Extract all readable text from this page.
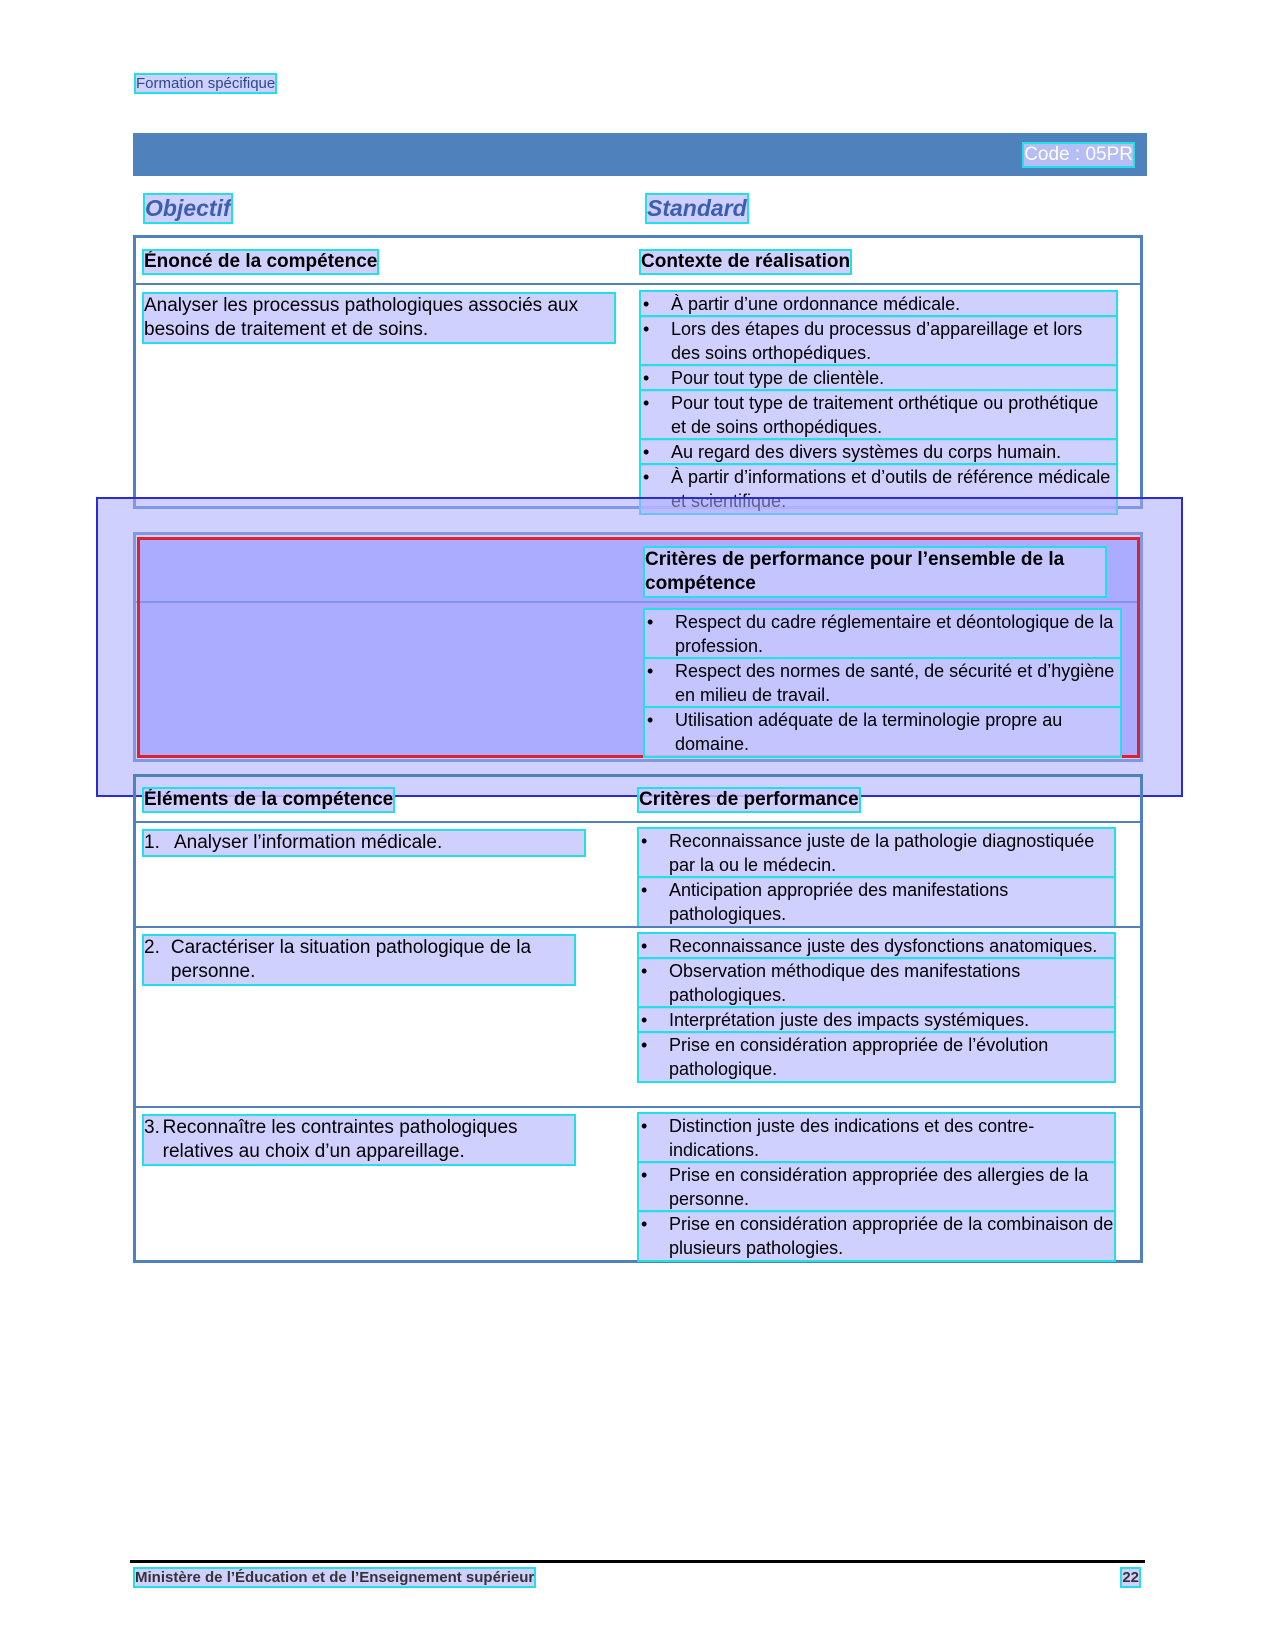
Formation spécifique
Code : 05PR
Objectif	Standard
Énoncé de la compétence	Contexte de réalisation
Analyser les processus pathologiques associés aux besoins de traitement et de soins.
• À partir d’une ordonnance médicale.
• Lors des étapes du processus d’appareillage et lors des soins orthopédiques.
• Pour tout type de clientèle.
• Pour tout type de traitement orthétique ou prothétique et de soins orthopédiques.
• Au regard des divers systèmes du corps humain.
• À partir d’informations et d’outils de référence médicale
Critères de performance pour l’ensemble de la compétence
• Respect du cadre réglementaire et déontologique de la profession.
• Respect des normes de santé, de sécurité et d’hygiène en milieu de travail.
• Utilisation adéquate de la terminologie propre au domaine.
Éléments de la compétence	Critères de performance
1. Analyser l’information médicale.
•	Reconnaissance juste de la pathologie diagnostiquée par la ou le médecin.
• Anticipation appropriée des manifestations pathologiques.
2. Caractériser la situation pathologique de la personne.
• Reconnaissance juste des dysfonctions anatomiques.
• Observation méthodique des manifestations pathologiques.
• Interprétation juste des impacts systémiques.
• Prise en considération appropriée de l’évolution pathologique.
3. Reconnaître les contraintes pathologiques relatives au choix d’un appareillage.
• Distinction juste des indications et des contre-indications.
• Prise en considération appropriée des allergies de la personne.
• Prise en considération appropriée de la combinaison de plusieurs pathologies.
Ministère de l’Éducation et de l’Enseignement supérieur	22
